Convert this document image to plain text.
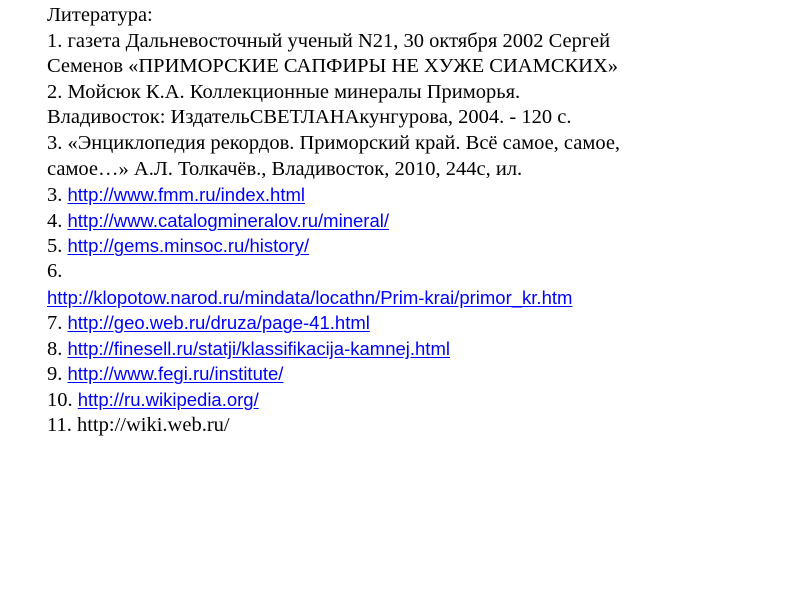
Литература:
1. газета Дальневосточный ученый N21, 30 октября 2002 Сергей
Семенов «ПРИМОРСКИЕ САПФИРЫ НЕ ХУЖЕ СИАМСКИХ»
2. Мойсюк К.А. Коллекционные минералы Приморья.
Владивосток: ИздательСВЕТЛАНАкунгурова, 2004. - 120 с.
3. «Энциклопедия рекордов. Приморский край. Всё самое, самое,
самое…» А.Л. Толкачёв., Владивосток, 2010, 244с, ил.
3. http://www.fmm.ru/index.html
4. http://www.catalogmineralov.ru/mineral/
5. http://gems.minsoc.ru/history/
6.
http://klopotow.narod.ru/mindata/locathn/Prim-krai/primor_kr.htm
7. http://geo.web.ru/druza/page-41.html
8. http://finesell.ru/statji/klassifikacija-kamnej.html
9. http://www.fegi.ru/institute/
10. http://ru.wikipedia.org/
11. http://wiki.web.ru/
